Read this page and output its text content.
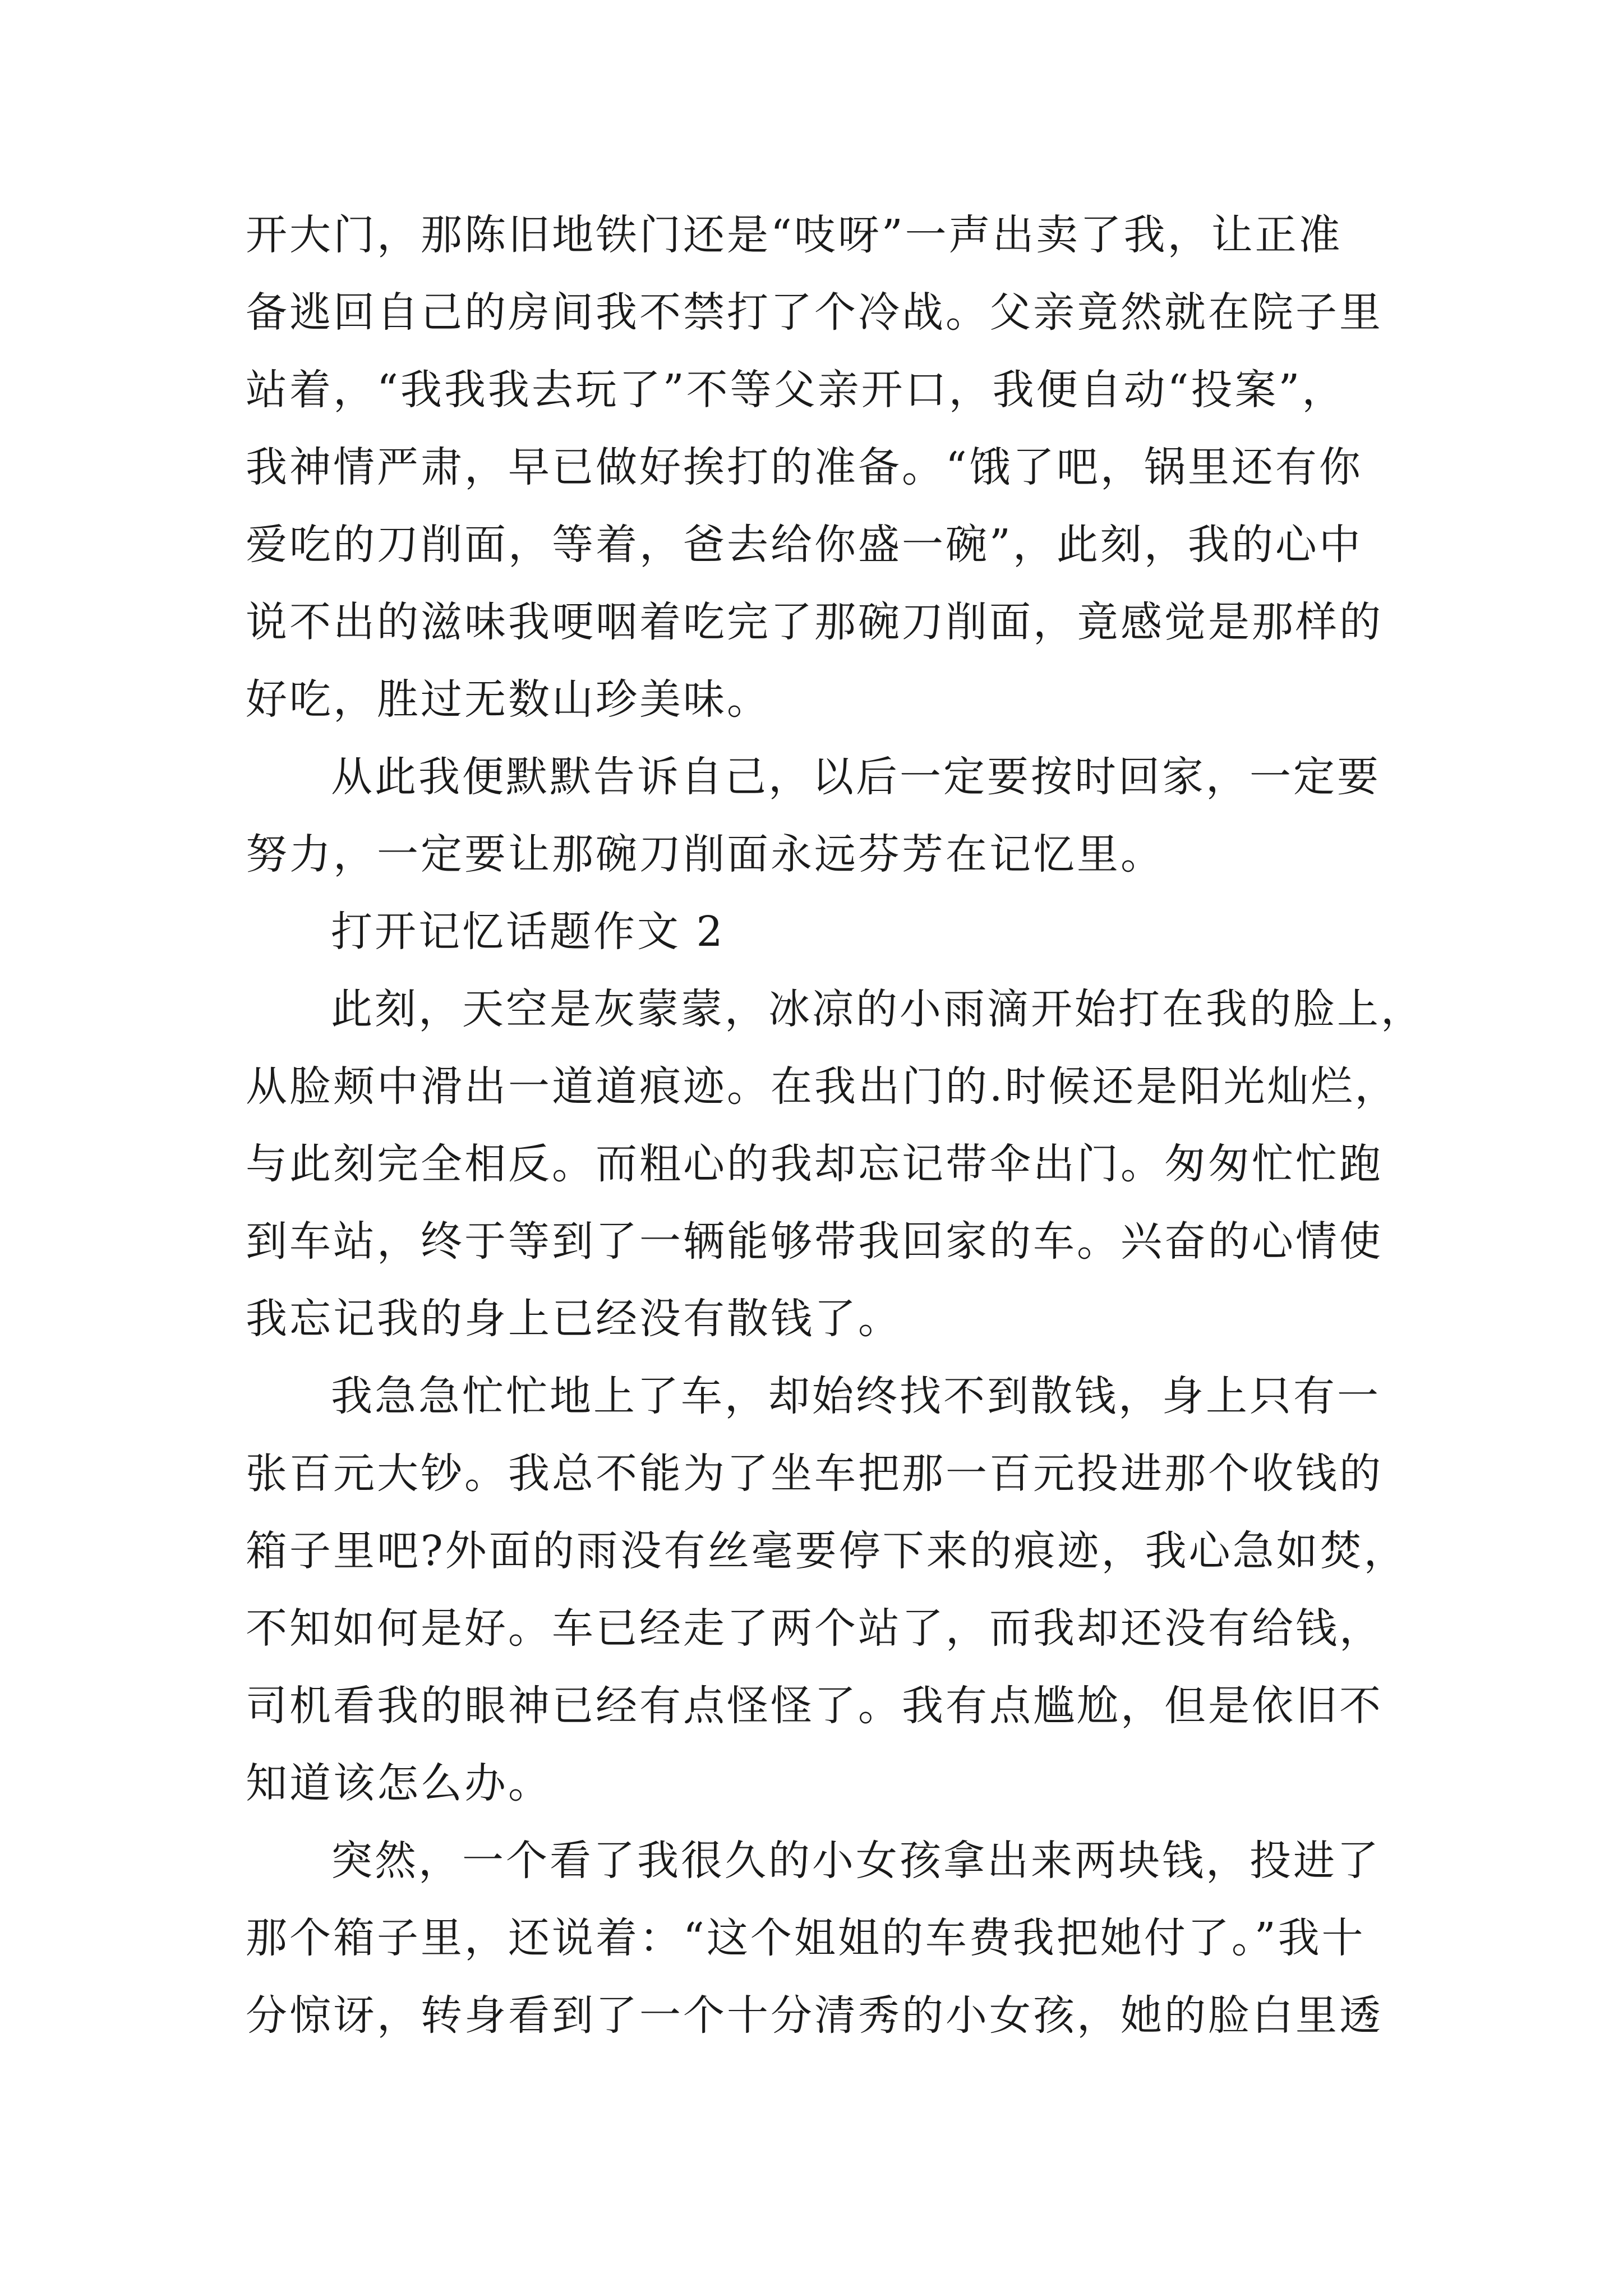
开大门，那陈旧地铁门还是“吱呀”一声出卖了我，让正准
备逃回自己的房间我不禁打了个冷战。父亲竟然就在院子里
站着，“我我我去玩了”不等父亲开口，我便自动“投案”，
我神情严肃，早已做好挨打的准备。“饿了吧，锅里还有你
爱吃的刀削面，等着，爸去给你盛一碗”，此刻，我的心中
说不出的滋味我哽咽着吃完了那碗刀削面，竟感觉是那样的
好吃，胜过无数山珍美味。
从此我便默默告诉自己，以后一定要按时回家，一定要
努力，一定要让那碗刀削面永远芬芳在记忆里。
打开记忆话题作文 2
此刻，天空是灰蒙蒙，冰凉的小雨滴开始打在我的脸上，
从脸颊中滑出一道道痕迹。在我出门的.时候还是阳光灿烂，
与此刻完全相反。而粗心的我却忘记带伞出门。匆匆忙忙跑
到车站，终于等到了一辆能够带我回家的车。兴奋的心情使
我忘记我的身上已经没有散钱了。
我急急忙忙地上了车，却始终找不到散钱，身上只有一
张百元大钞。我总不能为了坐车把那一百元投进那个收钱的
箱子里吧?外面的雨没有丝毫要停下来的痕迹，我心急如焚，
不知如何是好。车已经走了两个站了，而我却还没有给钱，
司机看我的眼神已经有点怪怪了。我有点尴尬，但是依旧不
知道该怎么办。
突然，一个看了我很久的小女孩拿出来两块钱，投进了
那个箱子里，还说着：“这个姐姐的车费我把她付了。”我十
分惊讶，转身看到了一个十分清秀的小女孩，她的脸白里透
